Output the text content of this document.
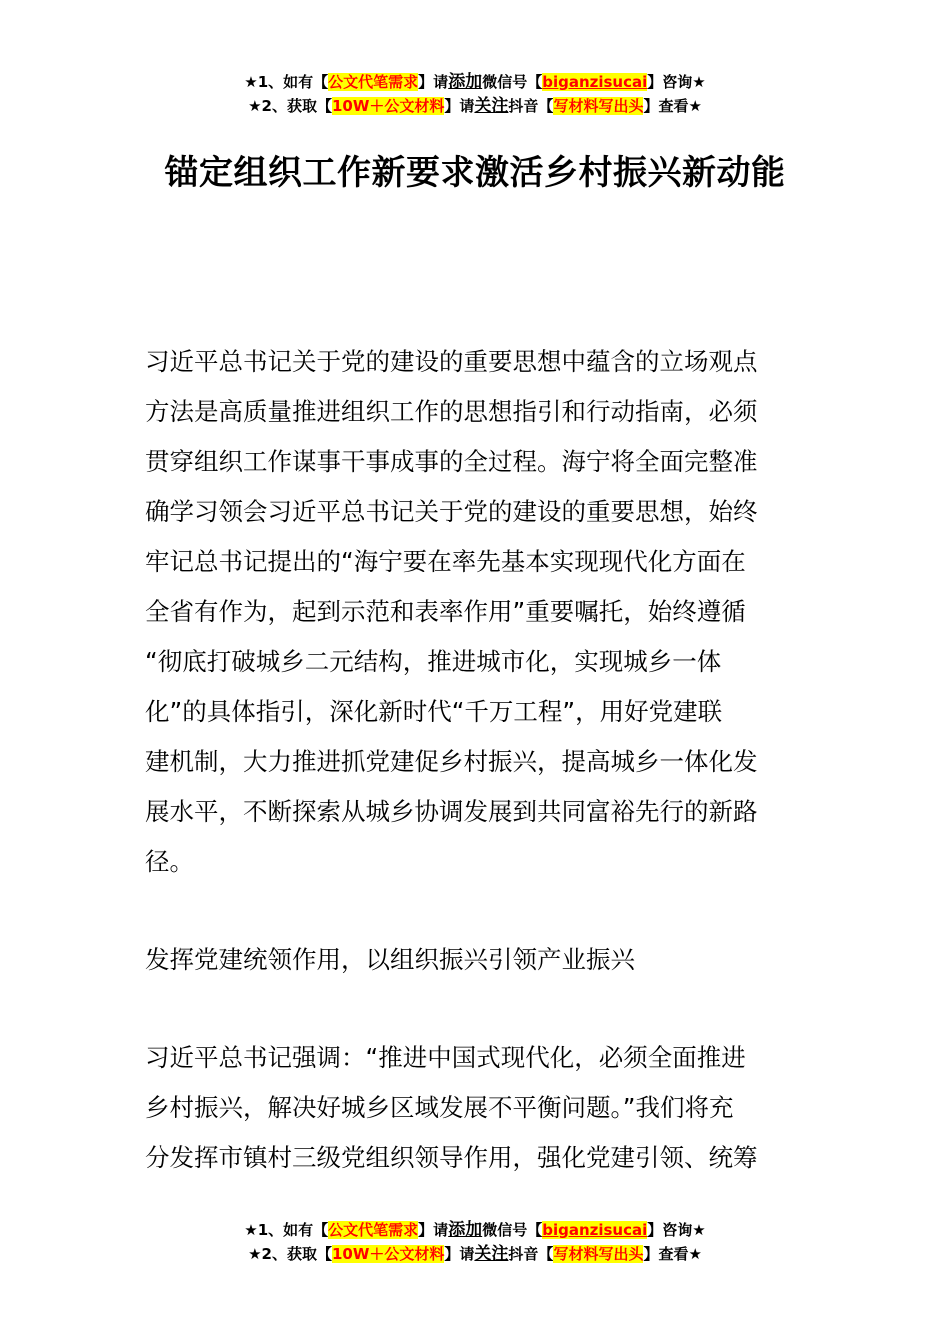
★1、如有【公文代笔需求】请添加微信号【biganzisucai】咨询★
★2、获取【10W＋公文材料】请关注抖音【写材料写出头】查看★
锚定组织工作新要求激活乡村振兴新动能
习近平总书记关于党的建设的重要思想中蕴含的立场观点
方法是高质量推进组织工作的思想指引和行动指南，必须
贯穿组织工作谋事干事成事的全过程。海宁将全面完整准
确学习领会习近平总书记关于党的建设的重要思想，始终
牢记总书记提出的“海宁要在率先基本实现现代化方面在
全省有作为，起到示范和表率作用”重要嘱托，始终遵循
“彻底打破城乡二元结构，推进城市化，实现城乡一体
化”的具体指引，深化新时代“千万工程”，用好党建联
建机制，大力推进抓党建促乡村振兴，提高城乡一体化发
展水平，不断探索从城乡协调发展到共同富裕先行的新路
径。
发挥党建统领作用，以组织振兴引领产业振兴
习近平总书记强调：“推进中国式现代化，必须全面推进
乡村振兴，解决好城乡区域发展不平衡问题。”我们将充
分发挥市镇村三级党组织领导作用，强化党建引领、统筹
★1、如有【公文代笔需求】请添加微信号【biganzisucai】咨询★
★2、获取【10W＋公文材料】请关注抖音【写材料写出头】查看★
